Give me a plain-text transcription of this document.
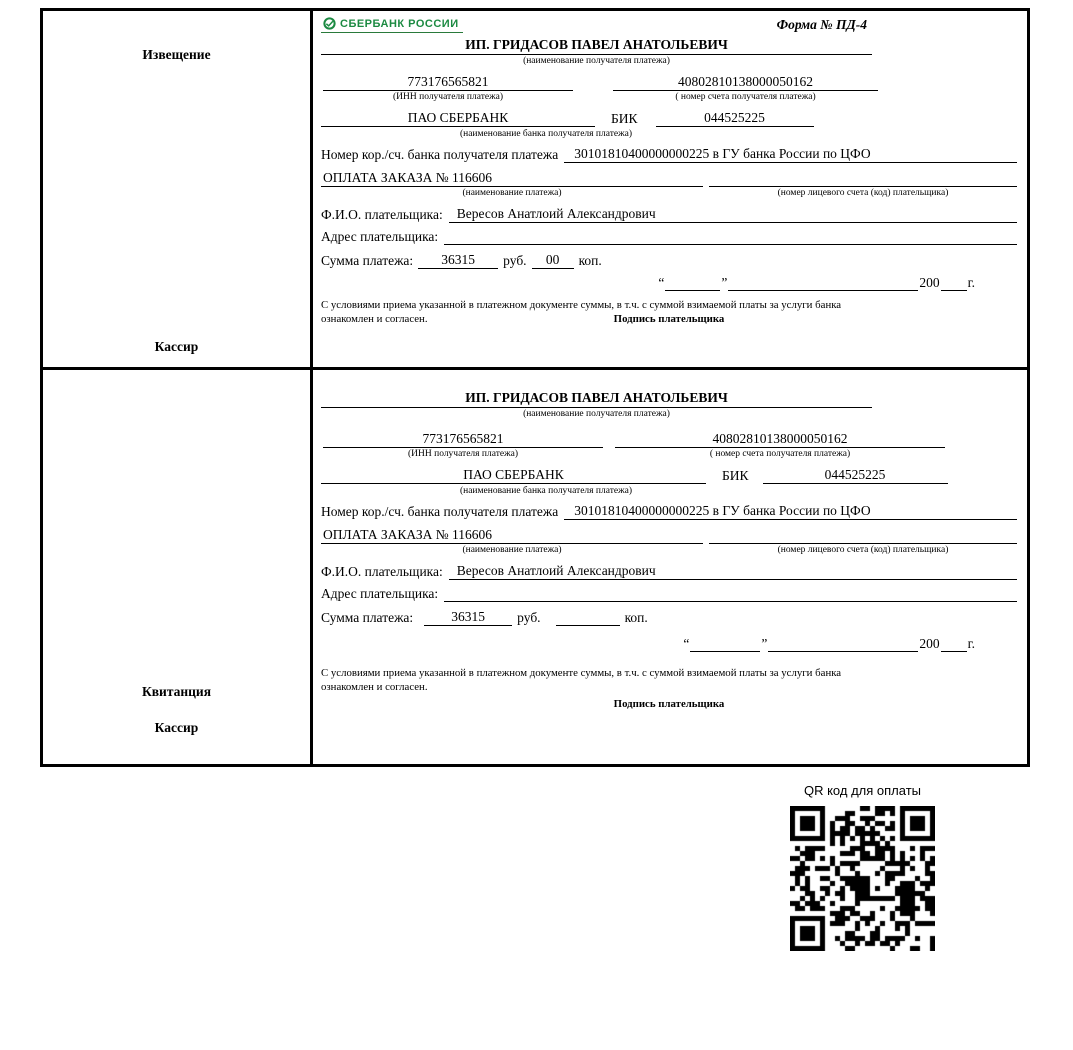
Извещение
Кассир
СБЕРБАНК РОССИИ	Форма № ПД-4
ИП. ГРИДАСОВ ПАВЕЛ АНАТОЛЬЕВИЧ
(наименование получателя платежа)
773176565821
(ИНН получателя платежа)
40802810138000050162
( номер счета получателя платежа)
ПАО СБЕРБАНК	БИК	044525225
(наименование банка получателя платежа)
Номер кор./сч. банка получателя платежа	30101810400000000225 в ГУ банка России по ЦФО
ОПЛАТА ЗАКАЗА № 116606
(наименование платежа)	(номер лицевого счета (код) плательщика)
Ф.И.О. плательщика:	Вересов Анатлоий Александрович
Адрес плательщика:
Сумма платежа:	36315	руб.	00	коп.
“	”	200 г.
С условиями приема указанной в платежном документе суммы, в т.ч. с суммой взимаемой платы за услуги банка
ознакомлен и согласен.	Подпись плательщика
Квитанция
Кассир
ИП. ГРИДАСОВ ПАВЕЛ АНАТОЛЬЕВИЧ
(наименование получателя платежа)
773176565821
(ИНН получателя платежа)
40802810138000050162
( номер счета получателя платежа)
ПАО СБЕРБАНК	БИК	044525225
(наименование банка получателя платежа)
Номер кор./сч. банка получателя платежа	30101810400000000225 в ГУ банка России по ЦФО
ОПЛАТА ЗАКАЗА № 116606
(наименование платежа)	(номер лицевого счета (код) плательщика)
Ф.И.О. плательщика:	Вересов Анатлоий Александрович
Адрес плательщика:
Сумма платежа:	36315	руб.	коп.
“	”	200 г.
С условиями приема указанной в платежном документе суммы, в т.ч. с суммой взимаемой платы за услуги банка
ознакомлен и согласен.
Подпись плательщика
QR код для оплаты
